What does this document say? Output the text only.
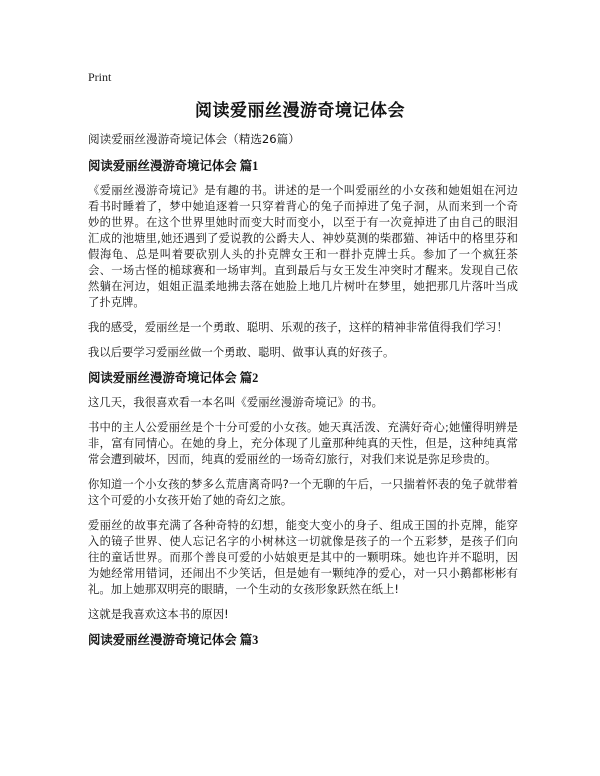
Print
阅读爱丽丝漫游奇境记体会

阅读爱丽丝漫游奇境记体会（精选26篇）

阅读爱丽丝漫游奇境记体会 篇1

《爱丽丝漫游奇境记》是有趣的书。讲述的是一个叫爱丽丝的小女孩和她姐姐在河边看书时睡着了，梦中她追逐着一只穿着背心的兔子而掉进了兔子洞，从而来到一个奇妙的世界。在这个世界里她时而变大时而变小，以至于有一次竟掉进了由自己的眼泪汇成的池塘里,她还遇到了爱说教的公爵夫人、神妙莫测的柴郡猫、神话中的格里芬和假海龟、总是叫着要砍别人头的扑克牌女王和一群扑克牌士兵。参加了一个疯狂茶会、一场古怪的槌球赛和一场审判。直到最后与女王发生冲突时才醒来。发现自己依然躺在河边，姐姐正温柔地拂去落在她脸上地几片树叶在梦里，她把那几片落叶当成了扑克牌。

我的感受，爱丽丝是一个勇敢、聪明、乐观的孩子，这样的精神非常值得我们学习！

我以后要学习爱丽丝做一个勇敢、聪明、做事认真的好孩子。

阅读爱丽丝漫游奇境记体会 篇2

这几天，我很喜欢看一本名叫《爱丽丝漫游奇境记》的书。

书中的主人公爱丽丝是个十分可爱的小女孩。她天真活泼、充满好奇心;她懂得明辨是非，富有同情心。在她的身上，充分体现了儿童那种纯真的天性，但是，这种纯真常常会遭到破坏，因而，纯真的爱丽丝的一场奇幻旅行，对我们来说是弥足珍贵的。

你知道一个小女孩的梦多么荒唐离奇吗?一个无聊的午后，一只揣着怀表的兔子就带着这个可爱的小女孩开始了她的奇幻之旅。

爱丽丝的故事充满了各种奇特的幻想，能变大变小的身子、组成王国的扑克牌，能穿入的镜子世界、使人忘记名字的小树林这一切就像是孩子的一个五彩梦，是孩子们向往的童话世界。而那个善良可爱的小姑娘更是其中的一颗明珠。她也许并不聪明，因为她经常用错词，还闹出不少笑话，但是她有一颗纯净的爱心，对一只小鹅都彬彬有礼。加上她那双明亮的眼睛，一个生动的女孩形象跃然在纸上!

这就是我喜欢这本书的原因!

阅读爱丽丝漫游奇境记体会 篇3
